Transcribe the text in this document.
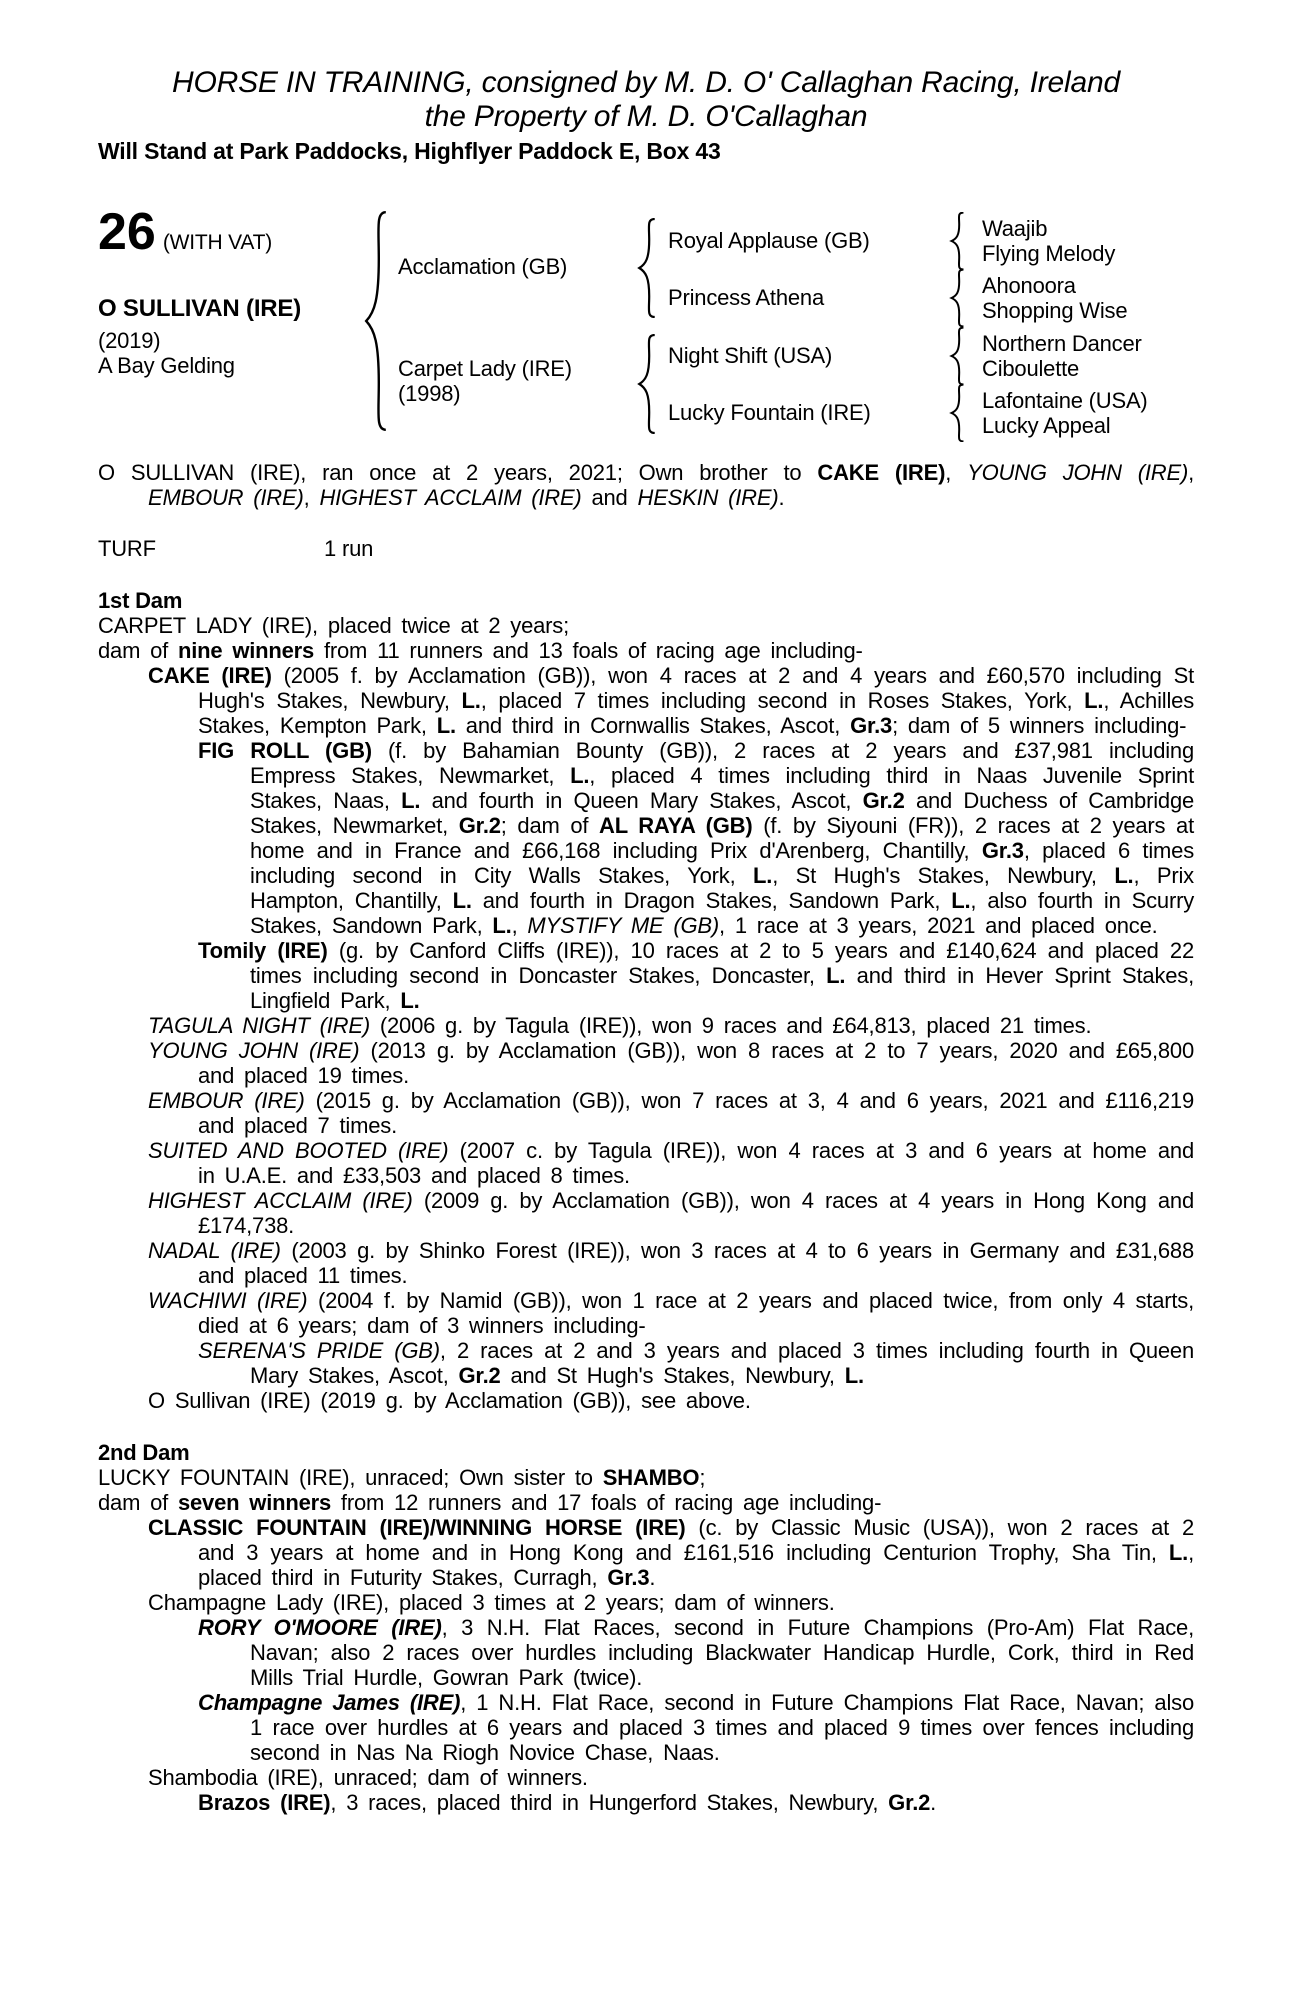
HORSE IN TRAINING, consigned by M. D. O' Callaghan Racing, Ireland
the Property of M. D. O'Callaghan
Will Stand at Park Paddocks, Highflyer Paddock E, Box 43
26 (WITH VAT)
O SULLIVAN (IRE)
(2019)
A Bay Gelding
Acclamation (GB)
Carpet Lady (IRE)
(1998)
Royal Applause (GB)
Princess Athena
Night Shift (USA)
Lucky Fountain (IRE)
Waajib
Flying Melody
Ahonoora
Shopping Wise
Northern Dancer
Ciboulette
Lafontaine (USA)
Lucky Appeal
O SULLIVAN (IRE), ran once at 2 years, 2021; Own brother to CAKE (IRE), YOUNG JOHN (IRE), EMBOUR (IRE), HIGHEST ACCLAIM (IRE) and HESKIN (IRE).
TURF	1 run
1st Dam
CARPET LADY (IRE), placed twice at 2 years;
dam of nine winners from 11 runners and 13 foals of racing age including-
CAKE (IRE) (2005 f. by Acclamation (GB)), won 4 races at 2 and 4 years and £60,570 including St Hugh's Stakes, Newbury, L., placed 7 times including second in Roses Stakes, York, L., Achilles Stakes, Kempton Park, L. and third in Cornwallis Stakes, Ascot, Gr.3; dam of 5 winners including-
FIG ROLL (GB) (f. by Bahamian Bounty (GB)), 2 races at 2 years and £37,981 including Empress Stakes, Newmarket, L., placed 4 times including third in Naas Juvenile Sprint Stakes, Naas, L. and fourth in Queen Mary Stakes, Ascot, Gr.2 and Duchess of Cambridge Stakes, Newmarket, Gr.2; dam of AL RAYA (GB) (f. by Siyouni (FR)), 2 races at 2 years at home and in France and £66,168 including Prix d'Arenberg, Chantilly, Gr.3, placed 6 times including second in City Walls Stakes, York, L., St Hugh's Stakes, Newbury, L., Prix Hampton, Chantilly, L. and fourth in Dragon Stakes, Sandown Park, L., also fourth in Scurry Stakes, Sandown Park, L., MYSTIFY ME (GB), 1 race at 3 years, 2021 and placed once.
Tomily (IRE) (g. by Canford Cliffs (IRE)), 10 races at 2 to 5 years and £140,624 and placed 22 times including second in Doncaster Stakes, Doncaster, L. and third in Hever Sprint Stakes, Lingfield Park, L.
TAGULA NIGHT (IRE) (2006 g. by Tagula (IRE)), won 9 races and £64,813, placed 21 times.
YOUNG JOHN (IRE) (2013 g. by Acclamation (GB)), won 8 races at 2 to 7 years, 2020 and £65,800 and placed 19 times.
EMBOUR (IRE) (2015 g. by Acclamation (GB)), won 7 races at 3, 4 and 6 years, 2021 and £116,219 and placed 7 times.
SUITED AND BOOTED (IRE) (2007 c. by Tagula (IRE)), won 4 races at 3 and 6 years at home and in U.A.E. and £33,503 and placed 8 times.
HIGHEST ACCLAIM (IRE) (2009 g. by Acclamation (GB)), won 4 races at 4 years in Hong Kong and £174,738.
NADAL (IRE) (2003 g. by Shinko Forest (IRE)), won 3 races at 4 to 6 years in Germany and £31,688 and placed 11 times.
WACHIWI (IRE) (2004 f. by Namid (GB)), won 1 race at 2 years and placed twice, from only 4 starts, died at 6 years; dam of 3 winners including-
SERENA'S PRIDE (GB), 2 races at 2 and 3 years and placed 3 times including fourth in Queen Mary Stakes, Ascot, Gr.2 and St Hugh's Stakes, Newbury, L.
O Sullivan (IRE) (2019 g. by Acclamation (GB)), see above.
2nd Dam
LUCKY FOUNTAIN (IRE), unraced; Own sister to SHAMBO;
dam of seven winners from 12 runners and 17 foals of racing age including-
CLASSIC FOUNTAIN (IRE)/WINNING HORSE (IRE) (c. by Classic Music (USA)), won 2 races at 2 and 3 years at home and in Hong Kong and £161,516 including Centurion Trophy, Sha Tin, L., placed third in Futurity Stakes, Curragh, Gr.3.
Champagne Lady (IRE), placed 3 times at 2 years; dam of winners.
RORY O'MOORE (IRE), 3 N.H. Flat Races, second in Future Champions (Pro-Am) Flat Race, Navan; also 2 races over hurdles including Blackwater Handicap Hurdle, Cork, third in Red Mills Trial Hurdle, Gowran Park (twice).
Champagne James (IRE), 1 N.H. Flat Race, second in Future Champions Flat Race, Navan; also 1 race over hurdles at 6 years and placed 3 times and placed 9 times over fences including second in Nas Na Riogh Novice Chase, Naas.
Shambodia (IRE), unraced; dam of winners.
Brazos (IRE), 3 races, placed third in Hungerford Stakes, Newbury, Gr.2.
